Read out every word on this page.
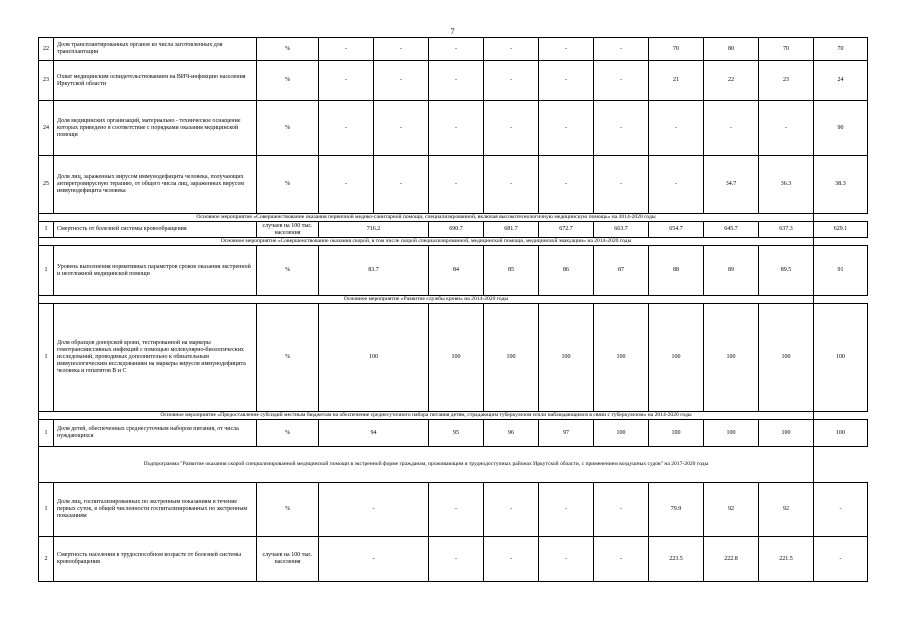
7
22	Доля трансплантированных органов из числа заготовленных для трансплантации	%	-	-	-	-	-	-	70	80	70	70
23	Охват медицинским освидетельствованием на ВИЧ-инфекцию населения Иркутской области	%	-	-	-	-	-	-	21	22	23	24
24	Доля медицинских организаций, материально - техническое оснащение которых приведено в соответствие с порядками оказания медицинской помощи	%	-	-	-	-	-	-	-	-	-	90
25	Доля лиц, зараженных вирусом иммунодефицита человека, получающих антиретровирусную терапию, от общего числа лиц, зараженных вирусом иммунодефицита человека	%	-	-	-	-	-	-	-	34.7	36.3	38.3
Основное мероприятие «Совершенствование оказания первичной медико-санитарной помощи, специализированной, включая высокотехнологичную медицинскую помощь» на 2014-2020 годы												
1	Смертность от болезней системы кровообращения	случаев на 100 тыс. населения	716.2		690.7	681.7	672.7	663.7	654.7	645.7	637.3	629.1
Основное мероприятие «Совершенствование оказания скорой, в том числе скорой специализированной, медицинской помощи, медицинской эвакуации» на 2014-2020 годы												
1	Уровень выполнения нормативных параметров сроков оказания экстренной и неотложной медицинской помощи	%	83.7		84	85	86	87	88	89	89.5	91
Основное мероприятие «Развитие службы крови» на 2014-2020 годы												
1	Доля образцов донорской крови, тестированной на маркеры гемотрансмиссивных инфекций с помощью молекулярно-биологических исследований, проводимых дополнительно к обязательным иммунологическим исследованиям на маркеры вирусов иммунодефицита человека и гепатитов В и С	%	100		100	100	100	100	100	100	100	100
Основное мероприятие «Предоставление субсидий местным бюджетам на обеспечение среднесуточного набора питания детям, страдающим туберкулезом и/или наблюдающимся в связи с туберкулезом» на 2014-2020 годы												
1	Доля детей, обеспеченных среднесуточным набором питания, от числа нуждающихся	%	94		95	96	97	100	100	100	100	100
Подпрограмма "Развитие оказания скорой специализированной медицинской помощи в экстренной форме гражданам, проживающим в труднодоступных районах Иркутской области, с применением воздушных судов" на 2017-2020 годы												
1	Доля лиц, госпитализированных по экстренным показаниям в течение первых суток, в общей численности госпитализированных по экстренным показаниям	%	-		-	-	-	-	79.9	92	92	-
2	Смертность населения в трудоспособном возрасте от болезней системы кровообращения	случаев на 100 тыс. населения	-		-	-	-	-	223.5	222.8	221.5	-
